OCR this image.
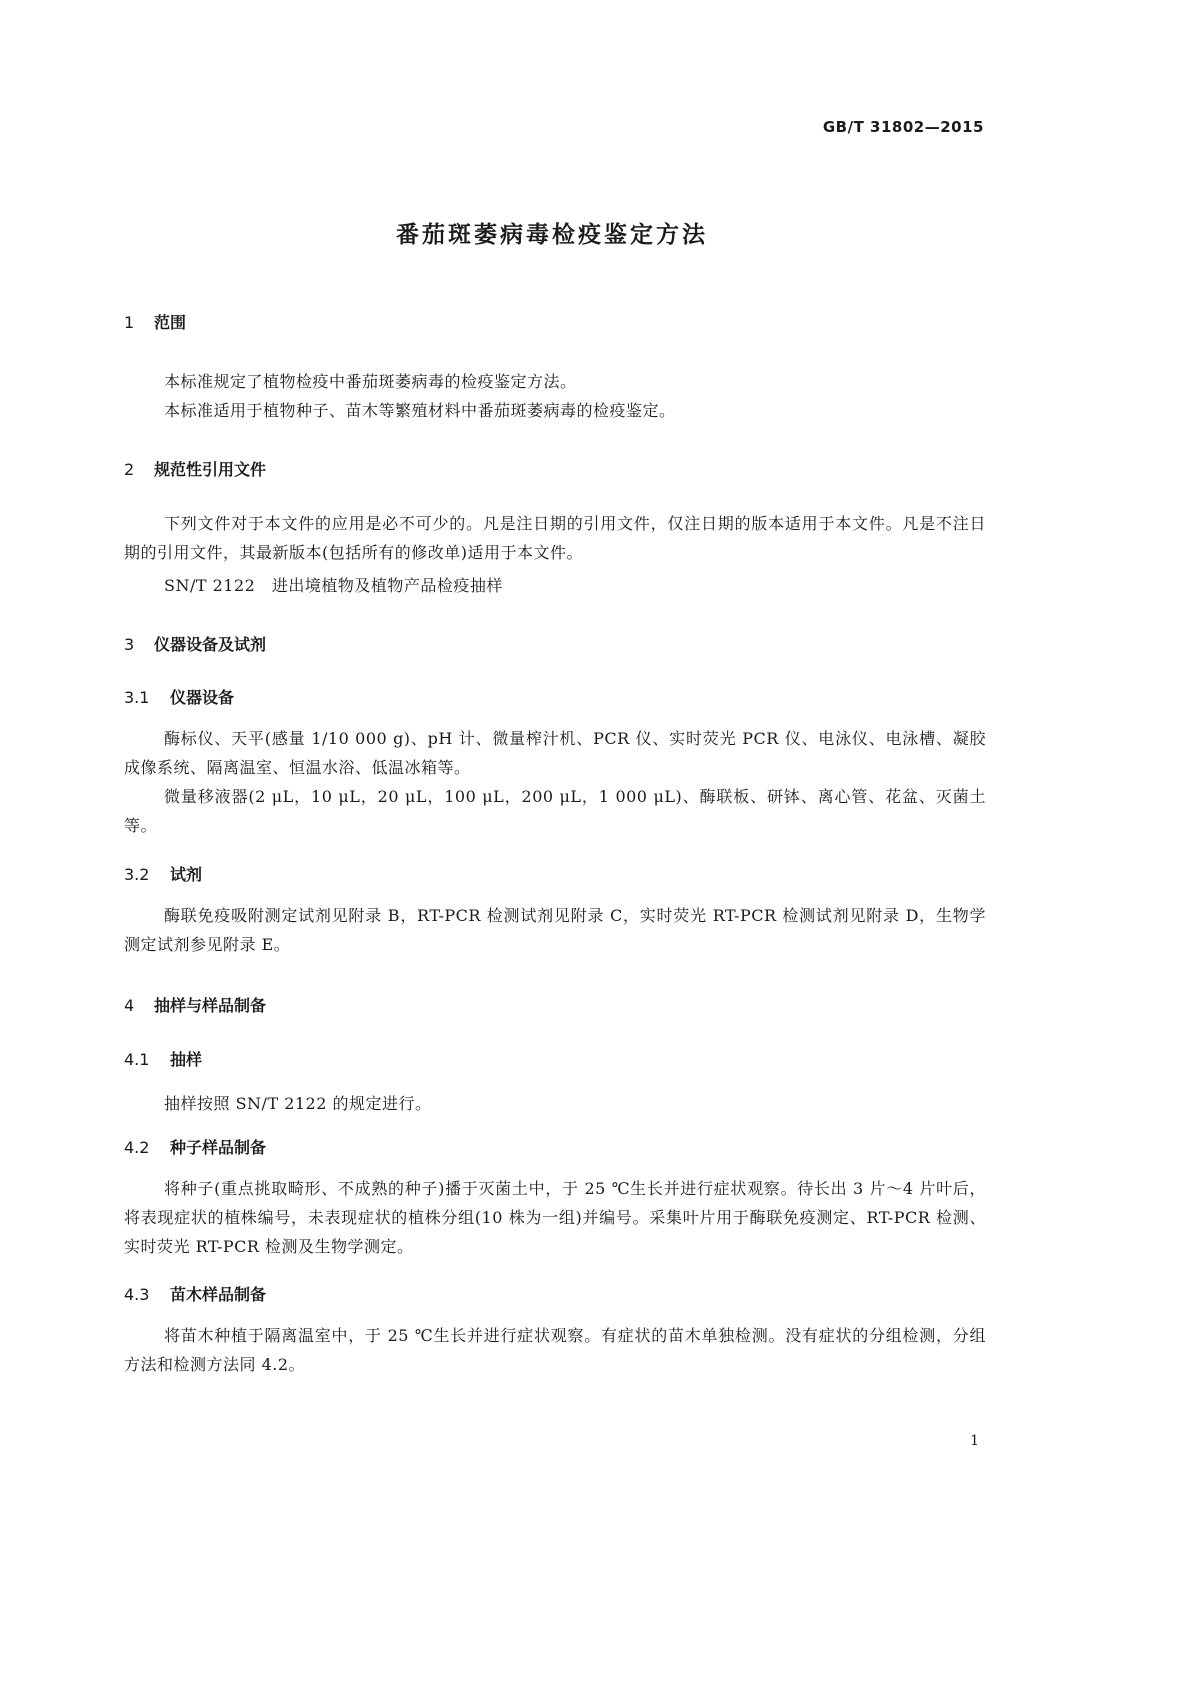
GB/T 31802—2015
番茄斑萎病毒检疫鉴定方法
1 范围
本标准规定了植物检疫中番茄斑萎病毒的检疫鉴定方法。
本标准适用于植物种子、苗木等繁殖材料中番茄斑萎病毒的检疫鉴定。
2 规范性引用文件
下列文件对于本文件的应用是必不可少的。凡是注日期的引用文件，仅注日期的版本适用于本文件。凡是不注日期的引用文件，其最新版本(包括所有的修改单)适用于本文件。
SN/T 2122　进出境植物及植物产品检疫抽样
3 仪器设备及试剂
3.1 仪器设备
酶标仪、天平(感量 1/10 000 g)、pH 计、微量榨汁机、PCR 仪、实时荧光 PCR 仪、电泳仪、电泳槽、凝胶成像系统、隔离温室、恒温水浴、低温冰箱等。
微量移液器(2 μL，10 μL，20 μL，100 μL，200 μL，1 000 μL)、酶联板、研钵、离心管、花盆、灭菌土等。
3.2 试剂
酶联免疫吸附测定试剂见附录 B，RT-PCR 检测试剂见附录 C，实时荧光 RT-PCR 检测试剂见附录 D，生物学测定试剂参见附录 E。
4 抽样与样品制备
4.1 抽样
抽样按照 SN/T 2122 的规定进行。
4.2 种子样品制备
将种子(重点挑取畸形、不成熟的种子)播于灭菌土中，于 25 ℃生长并进行症状观察。待长出 3 片～4 片叶后，将表现症状的植株编号，未表现症状的植株分组(10 株为一组)并编号。采集叶片用于酶联免疫测定、RT-PCR 检测、实时荧光 RT-PCR 检测及生物学测定。
4.3 苗木样品制备
将苗木种植于隔离温室中，于 25 ℃生长并进行症状观察。有症状的苗木单独检测。没有症状的分组检测，分组方法和检测方法同 4.2。
1
